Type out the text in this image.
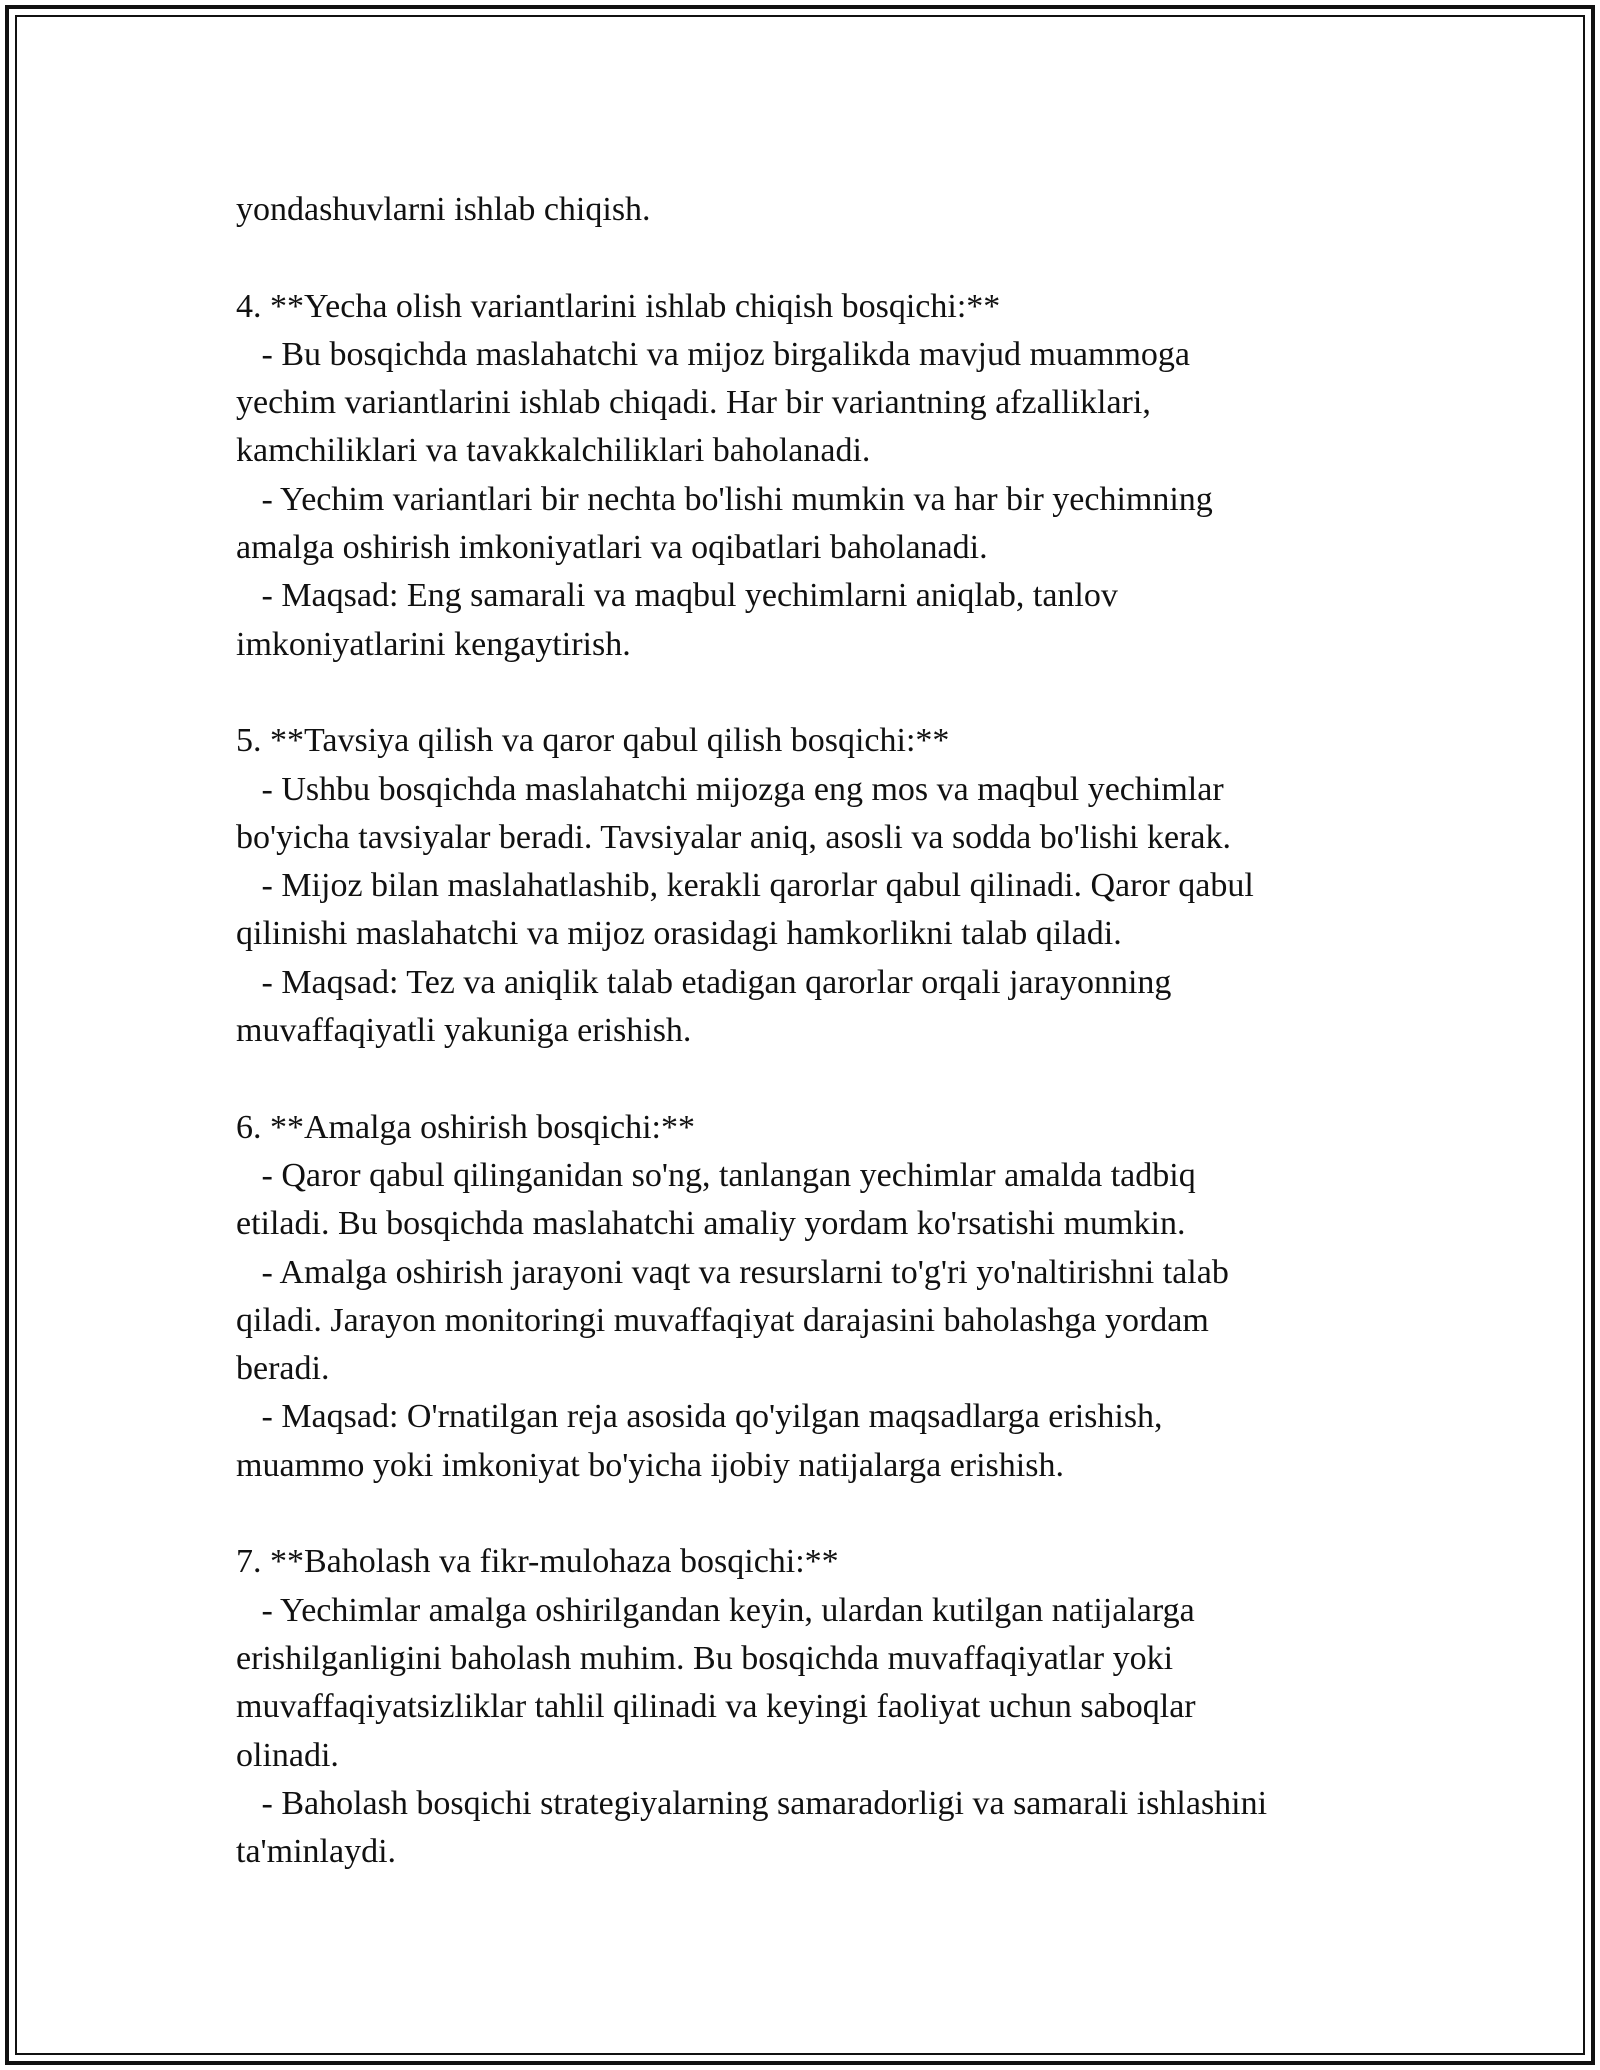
yondashuvlarni ishlab chiqish.
4. **Yecha olish variantlarini ishlab chiqish bosqichi:**
- Bu bosqichda maslahatchi va mijoz birgalikda mavjud muammoga
yechim variantlarini ishlab chiqadi. Har bir variantning afzalliklari,
kamchiliklari va tavakkalchiliklari baholanadi.
- Yechim variantlari bir nechta bo'lishi mumkin va har bir yechimning
amalga oshirish imkoniyatlari va oqibatlari baholanadi.
- Maqsad: Eng samarali va maqbul yechimlarni aniqlab, tanlov
imkoniyatlarini kengaytirish.
5. **Tavsiya qilish va qaror qabul qilish bosqichi:**
- Ushbu bosqichda maslahatchi mijozga eng mos va maqbul yechimlar
bo'yicha tavsiyalar beradi. Tavsiyalar aniq, asosli va sodda bo'lishi kerak.
- Mijoz bilan maslahatlashib, kerakli qarorlar qabul qilinadi. Qaror qabul
qilinishi maslahatchi va mijoz orasidagi hamkorlikni talab qiladi.
- Maqsad: Tez va aniqlik talab etadigan qarorlar orqali jarayonning
muvaffaqiyatli yakuniga erishish.
6. **Amalga oshirish bosqichi:**
- Qaror qabul qilinganidan so'ng, tanlangan yechimlar amalda tadbiq
etiladi. Bu bosqichda maslahatchi amaliy yordam ko'rsatishi mumkin.
- Amalga oshirish jarayoni vaqt va resurslarni to'g'ri yo'naltirishni talab
qiladi. Jarayon monitoringi muvaffaqiyat darajasini baholashga yordam
beradi.
- Maqsad: O'rnatilgan reja asosida qo'yilgan maqsadlarga erishish,
muammo yoki imkoniyat bo'yicha ijobiy natijalarga erishish.
7. **Baholash va fikr-mulohaza bosqichi:**
- Yechimlar amalga oshirilgandan keyin, ulardan kutilgan natijalarga
erishilganligini baholash muhim. Bu bosqichda muvaffaqiyatlar yoki
muvaffaqiyatsizliklar tahlil qilinadi va keyingi faoliyat uchun saboqlar
olinadi.
- Baholash bosqichi strategiyalarning samaradorligi va samarali ishlashini
ta'minlaydi.
